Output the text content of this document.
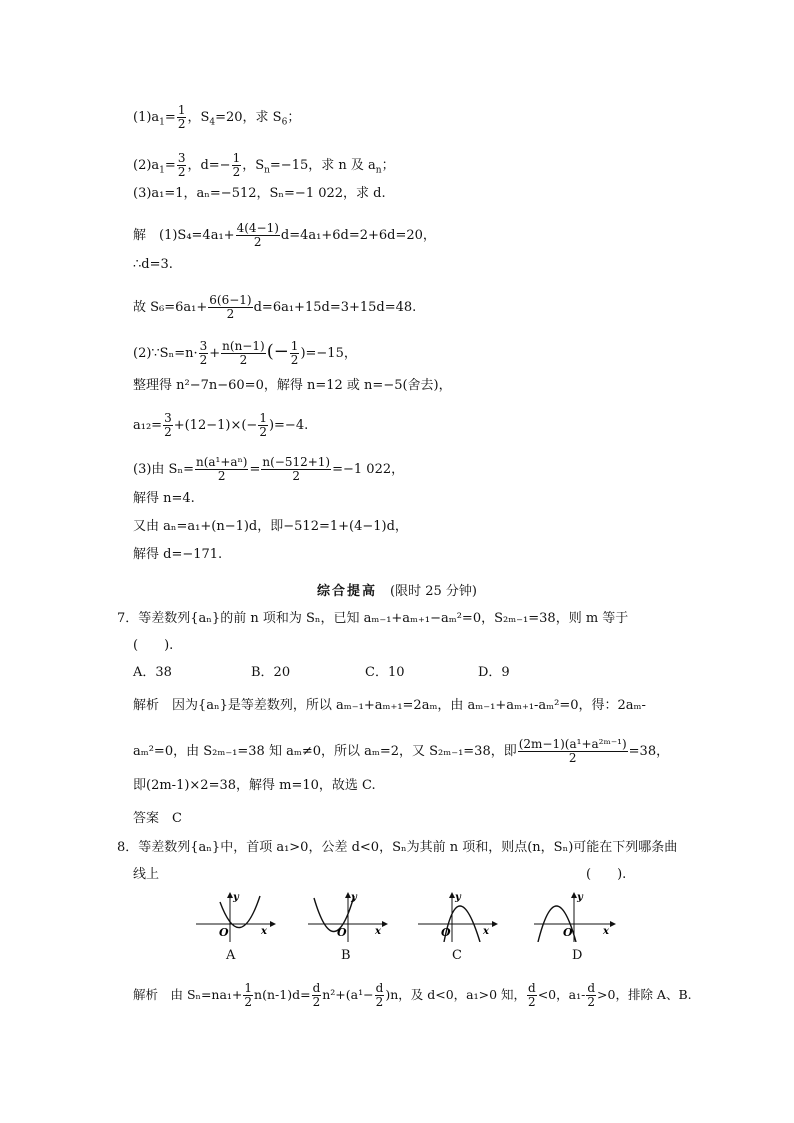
$(1)a_1= \frac{1}{2}$ ，$S_4=20$，求 $S_6$；
$(2)a_1= \frac{3}{2}$ ，$d=- \frac{1}{2}$ ，$S_n=-15$，求 n 及 $a_n$；
(3)a₁=1，aₙ=−512，Sₙ=−1 022，求 d.
解　$(1)S_4=4a_1+ \frac{4(4-1)}{2} d=4a_1+6d=2+6d=20$，
∴d=3.
故 $S_6=6a_1+ \frac{6(6-1)}{2} d=6a_1+15d=3+15d=48$.
(2)∵Sₙ=n· $\frac{3}{2} + \frac{n(n-1)}{2}$ (− $\frac{1}{2} )=-15$，
整理得 n²−7n−60=0，解得 n=12 或 n=−5(舍去)，
$a_{12}= \frac{3}{2} +(12-1)\times(- \frac{1}{2} )=-4$.
(3)由 $S_n= \frac{\text{n(a¹+aⁿ)}}{2} = \frac{n(-512+1)}{2} =-1$ 022，
解得 n=4.
又由 aₙ=a₁+(n−1)d，即−512=1+(4−1)d，
解得 d=−171.
综合提高　 (限时 25 分钟)
7．等差数列{aₙ}的前 n 项和为 Sₙ，已知 aₘ₋₁+aₘ₊₁−aₘ²=0，S₂ₘ₋₁=38，则 m 等于
(　　).
A．38	B．20	C．10	D．9
解析　因为{aₙ}是等差数列，所以 aₘ₋₁+aₘ₊₁=2aₘ，由 aₘ₋₁+aₘ₊₁-aₘ²=0，得：2aₘ-
aₘ²=0，由 S₂ₘ₋₁=38 知 aₘ≠0，所以 aₘ=2，又 S₂ₘ₋₁=38，即 $\frac{\text{(2m−1)(a¹+a²ᵐ⁻¹)}}{2} =38$，
即(2m-1)×2=38，解得 m=10，故选 C.
答案　C
8．等差数列{aₙ}中，首项 a₁>0，公差 d<0，Sₙ为其前 n 项和，则点(n，Sₙ)可能在下列哪条曲
线上	(　　).
O
y
x	O
y
x	O
y
x	O
y
x
A	B	C	D
解析　由 $S_n=na_1+ \frac{1}{2} n(n-1)d= \frac{d}{2} n^2+(a^1- \frac{d}{2} )n$，及 d<0，a₁>0 知， $\frac{d}{2} <0$，$a_1- \frac{d}{2} >0$，排除 A、B.
